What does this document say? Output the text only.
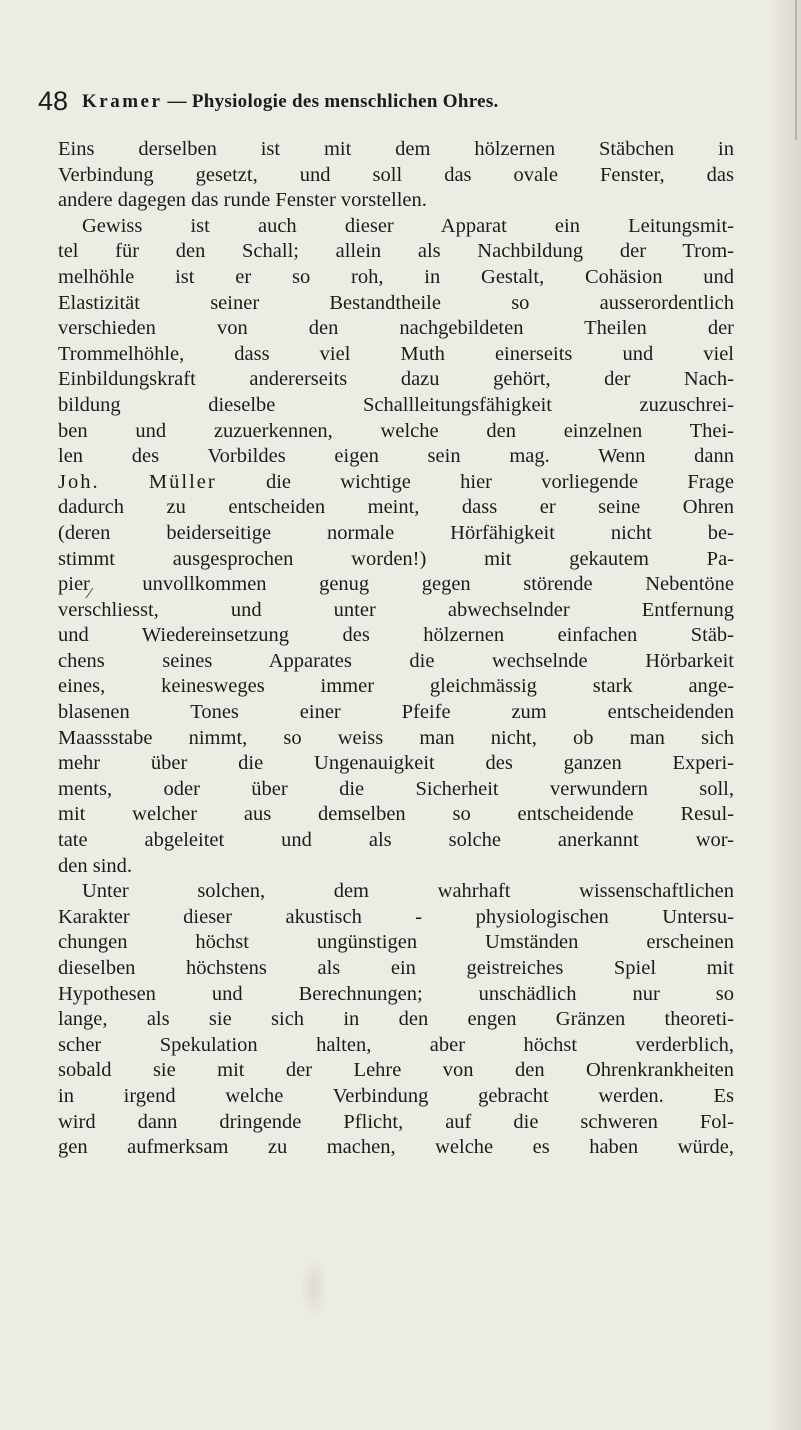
48 Kramer — Physiologie des menschlichen Ohres.
Eins derselben ist mit dem hölzernen Stäbchen in
Verbindung gesetzt, und soll das ovale Fenster, das
andere dagegen das runde Fenster vorstellen.
Gewiss ist auch dieser Apparat ein Leitungsmit-
tel für den Schall; allein als Nachbildung der Trom-
melhöhle ist er so roh, in Gestalt, Cohäsion und
Elastizität seiner Bestandtheile so ausserordentlich
verschieden von den nachgebildeten Theilen der
Trommelhöhle, dass viel Muth einerseits und viel
Einbildungskraft andererseits dazu gehört, der Nach-
bildung dieselbe Schallleitungsfähigkeit zuzuschrei-
ben und zuzuerkennen, welche den einzelnen Thei-
len des Vorbildes eigen sein mag. Wenn dann
Joh. Müller die wichtige hier vorliegende Frage
dadurch zu entscheiden meint, dass er seine Ohren
(deren beiderseitige normale Hörfähigkeit nicht be-
stimmt ausgesprochen worden!) mit gekautem Pa-
pier unvollkommen genug gegen störende Nebentöne
verschliesst, und unter abwechselnder Entfernung
und Wiedereinsetzung des hölzernen einfachen Stäb-
chens seines Apparates die wechselnde Hörbarkeit
eines, keinesweges immer gleichmässig stark ange-
blasenen Tones einer Pfeife zum entscheidenden
Maassstabe nimmt, so weiss man nicht, ob man sich
mehr über die Ungenauigkeit des ganzen Experi-
ments, oder über die Sicherheit verwundern soll,
mit welcher aus demselben so entscheidende Resul-
tate abgeleitet und als solche anerkannt wor-
den sind.
Unter solchen, dem wahrhaft wissenschaftlichen
Karakter dieser akustisch - physiologischen Untersu-
chungen höchst ungünstigen Umständen erscheinen
dieselben höchstens als ein geistreiches Spiel mit
Hypothesen und Berechnungen; unschädlich nur so
lange, als sie sich in den engen Gränzen theoreti-
scher Spekulation halten, aber höchst verderblich,
sobald sie mit der Lehre von den Ohrenkrankheiten
in irgend welche Verbindung gebracht werden. Es
wird dann dringende Pflicht, auf die schweren Fol-
gen aufmerksam zu machen, welche es haben würde,
